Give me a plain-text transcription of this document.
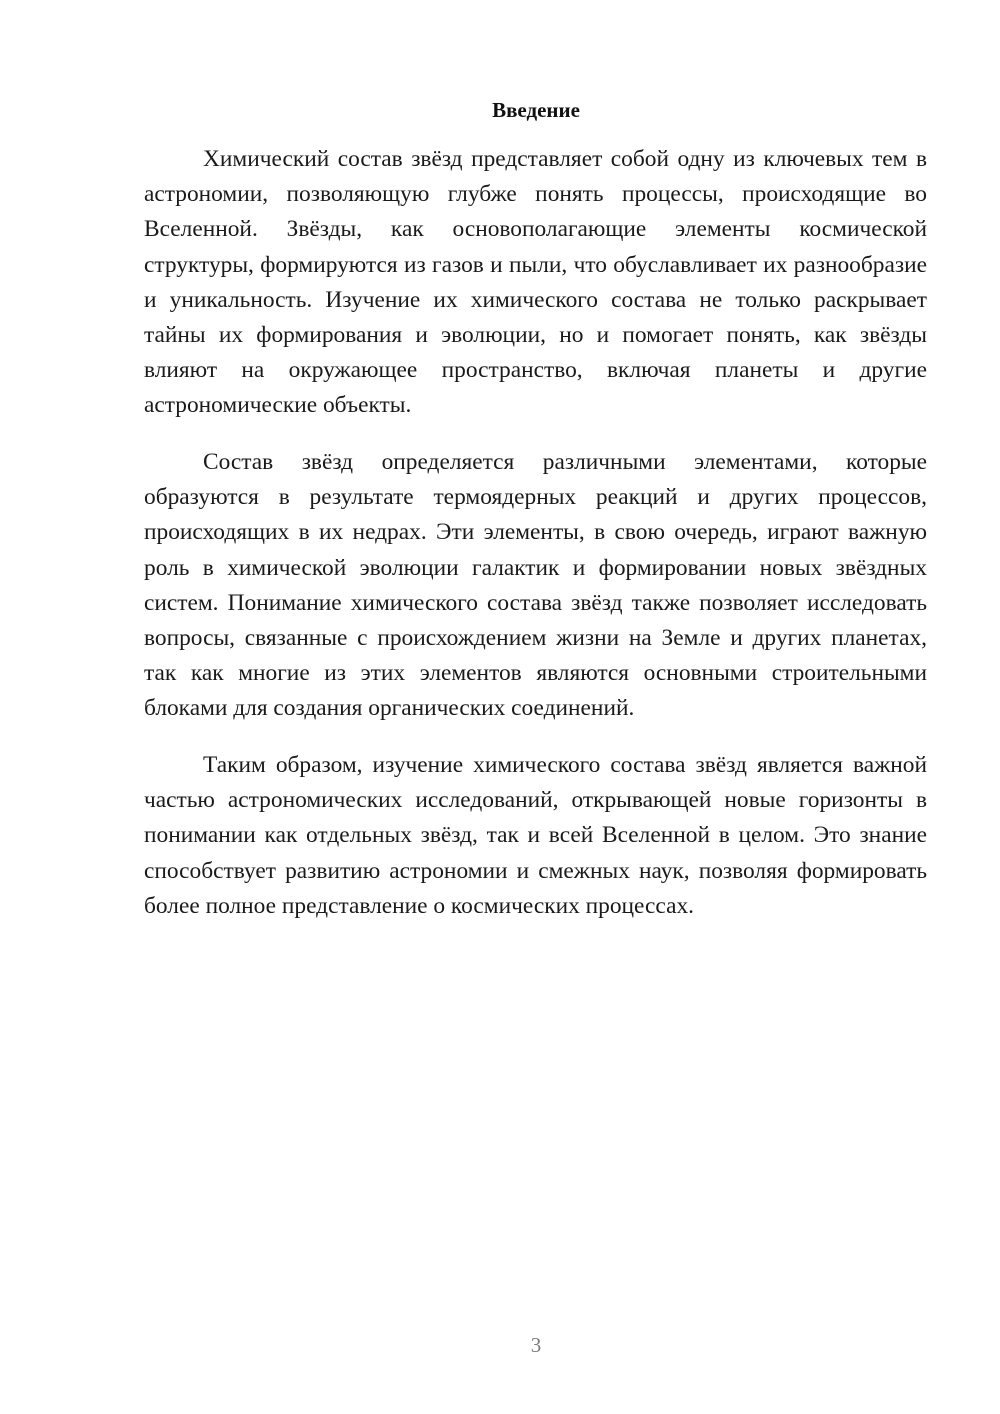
Введение

Химический состав звёзд представляет собой одну из ключевых тем в астрономии, позволяющую глубже понять процессы, происходящие во Вселенной. Звёзды, как основополагающие элементы космической структуры, формируются из газов и пыли, что обуславливает их разнообразие и уникальность. Изучение их химического состава не только раскрывает тайны их формирования и эволюции, но и помогает понять, как звёзды влияют на окружающее пространство, включая планеты и другие астрономические объекты.

Состав звёзд определяется различными элементами, которые образуются в результате термоядерных реакций и других процессов, происходящих в их недрах. Эти элементы, в свою очередь, играют важную роль в химической эволюции галактик и формировании новых звёздных систем. Понимание химического состава звёзд также позволяет исследовать вопросы, связанные с происхождением жизни на Земле и других планетах, так как многие из этих элементов являются основными строительными блоками для создания органических соединений.

Таким образом, изучение химического состава звёзд является важной частью астрономических исследований, открывающей новые горизонты в понимании как отдельных звёзд, так и всей Вселенной в целом. Это знание способствует развитию астрономии и смежных наук, позволяя формировать более полное представление о космических процессах.

3
